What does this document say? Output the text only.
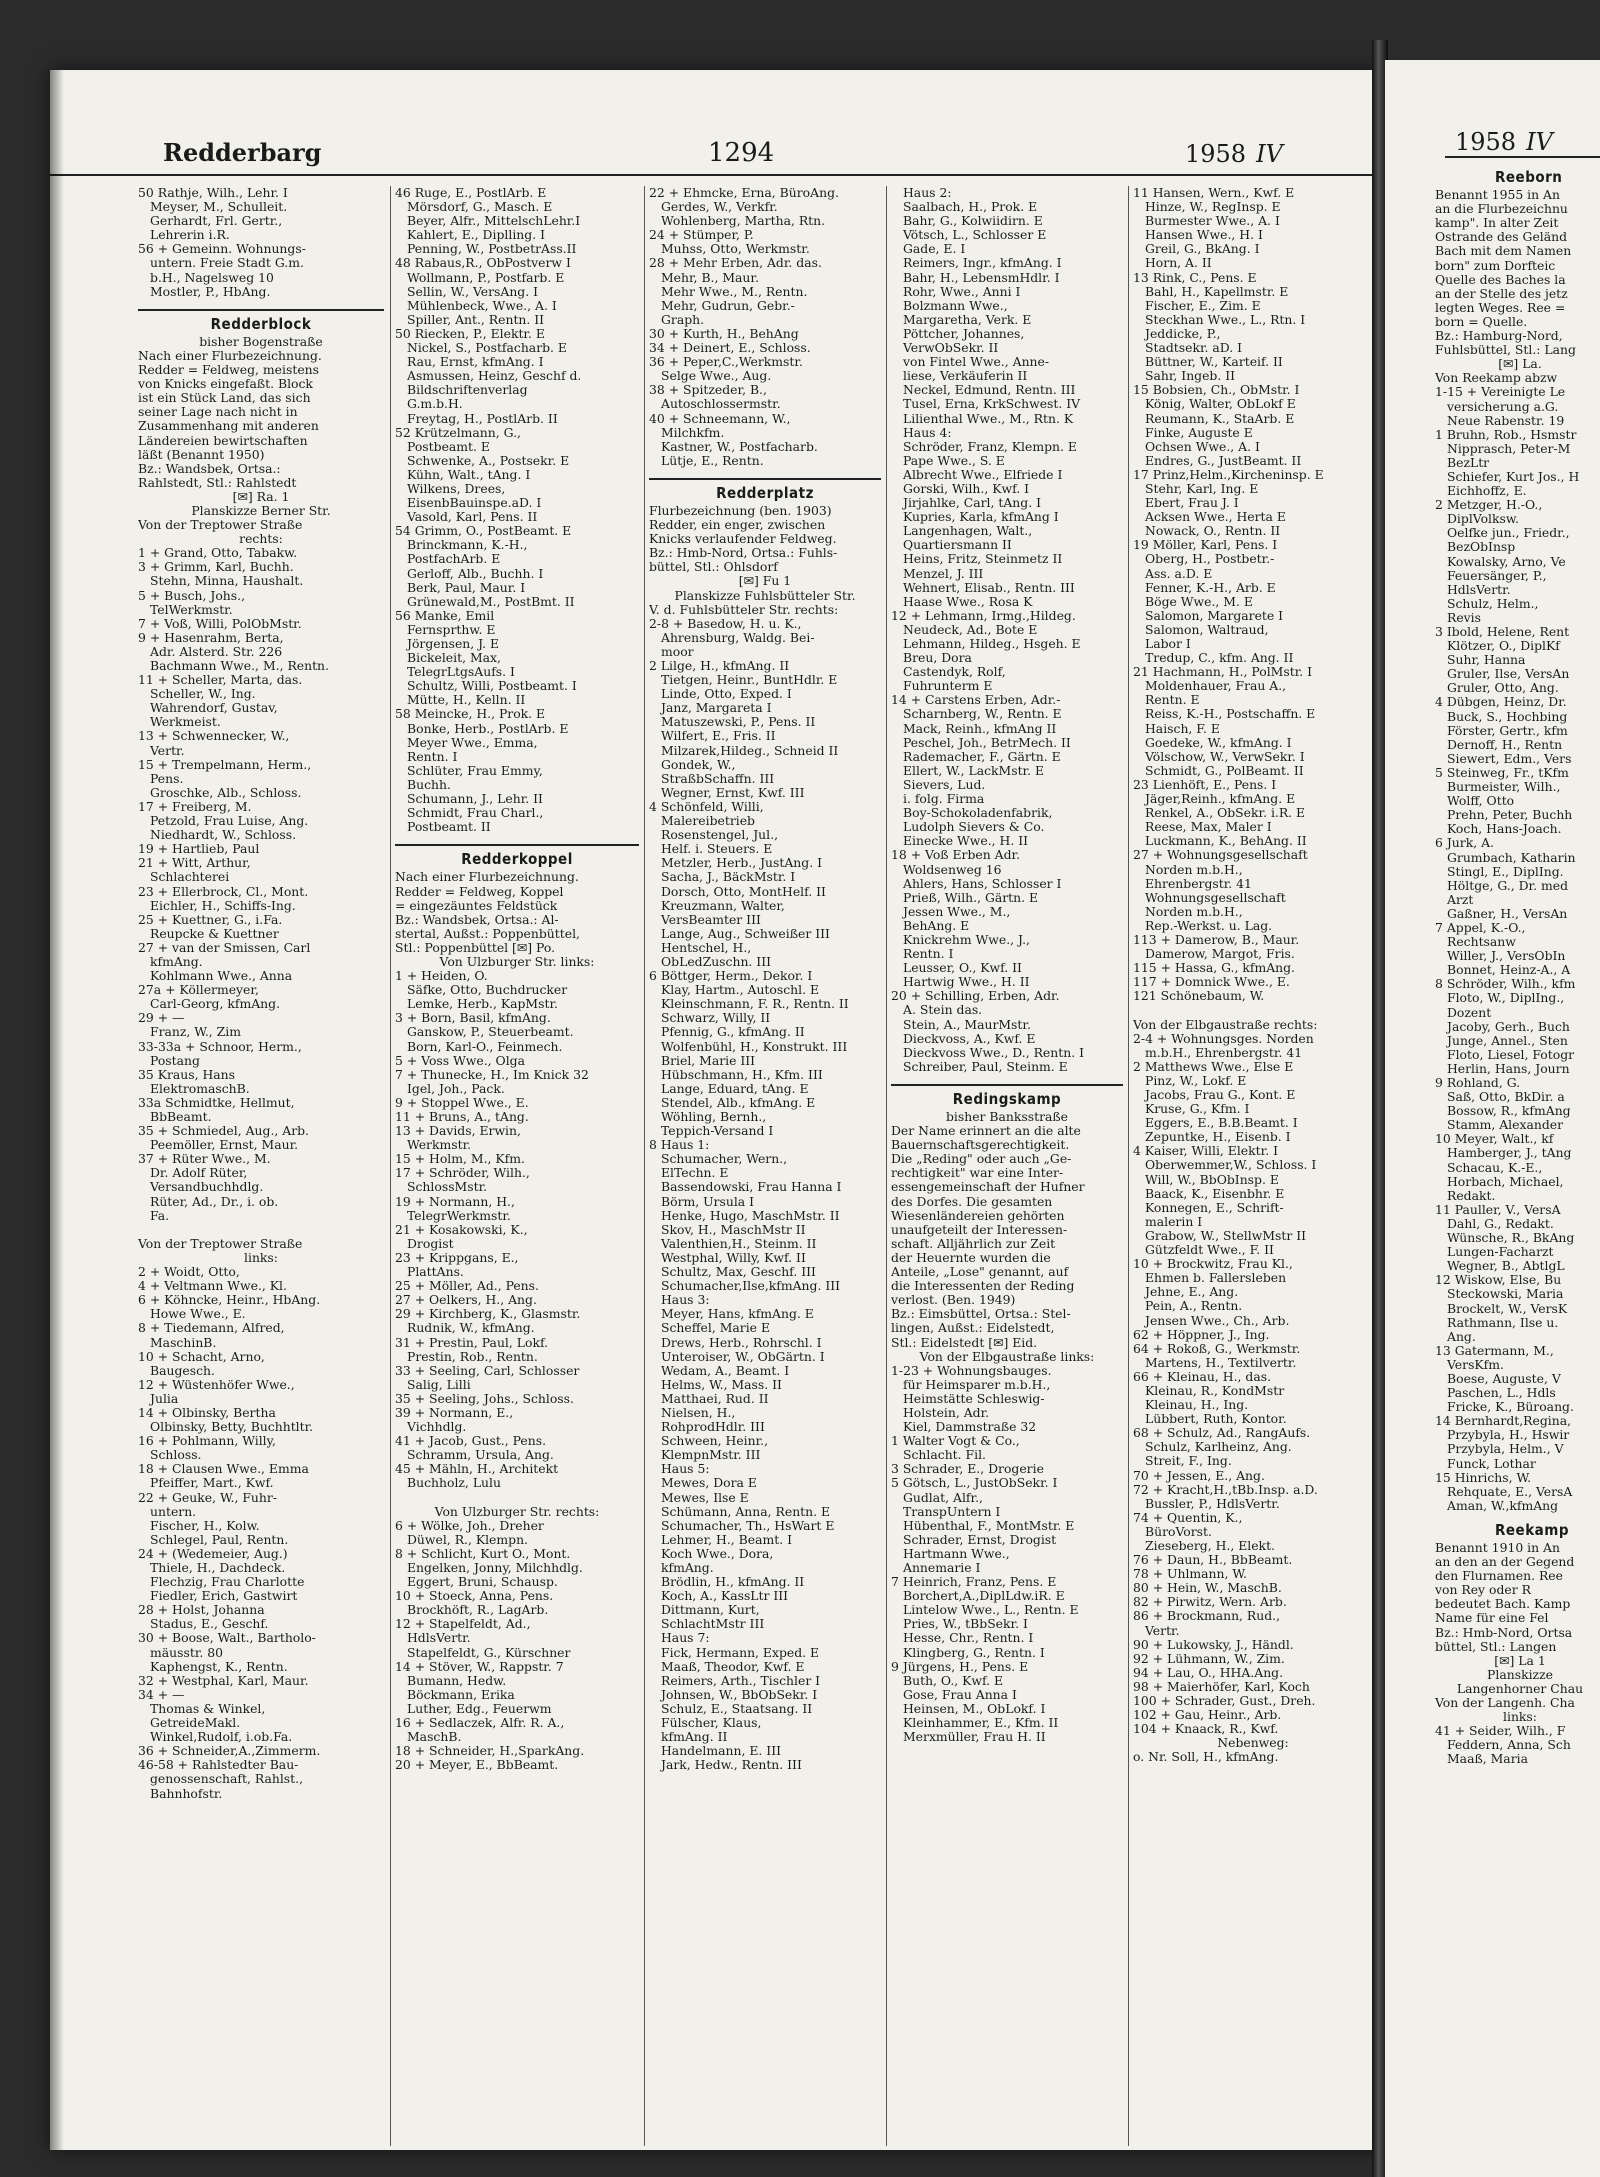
Redderbarg	1294	1958 IV
50 Rathje, Wilh., Lehr. I
Meyser, M., Schulleit.
Gerhardt, Frl. Gertr.,
Lehrerin i.R.
56 + Gemeinn. Wohnungs-
untern. Freie Stadt G.m.
b.H., Nagelsweg 10
Mostler, P., HbAng.
Redderblock
bisher Bogenstraße
Nach einer Flurbezeichnung.
Redder = Feldweg, meistens
von Knicks eingefaßt. Block
ist ein Stück Land, das sich
seiner Lage nach nicht in
Zusammenhang mit anderen
Ländereien bewirtschaften
läßt (Benannt 1950)
Bz.: Wandsbek, Ortsa.:
Rahlstedt, Stl.: Rahlstedt
[✉] Ra. 1
Planskizze Berner Str.
Von der Treptower Straße
rechts:
1 + Grand, Otto, Tabakw.
3 + Grimm, Karl, Buchh.
Stehn, Minna, Haushalt.
5 + Busch, Johs.,
TelWerkmstr.
7 + Voß, Willi, PolObMstr.
9 + Hasenrahm, Berta,
Adr. Alsterd. Str. 226
Bachmann Wwe., M., Rentn.
11 + Scheller, Marta, das.
Scheller, W., Ing.
Wahrendorf, Gustav,
Werkmeist.
13 + Schwennecker, W.,
Vertr.
15 + Trempelmann, Herm.,
Pens.
Groschke, Alb., Schloss.
17 + Freiberg, M.
Petzold, Frau Luise, Ang.
Niedhardt, W., Schloss.
19 + Hartlieb, Paul
21 + Witt, Arthur,
Schlachterei
23 + Ellerbrock, Cl., Mont.
Eichler, H., Schiffs-Ing.
25 + Kuettner, G., i.Fa.
Reupcke & Kuettner
27 + van der Smissen, Carl
kfmAng.
Kohlmann Wwe., Anna
27a + Köllermeyer,
Carl-Georg, kfmAng.
29 + —
Franz, W., Zim
33-33a + Schnoor, Herm.,
Postang
35 Kraus, Hans
ElektromaschB.
33a Schmidtke, Hellmut,
BbBeamt.
35 + Schmiedel, Aug., Arb.
Peemöller, Ernst, Maur.
37 + Rüter Wwe., M.
Dr. Adolf Rüter,
Versandbuchhdlg.
Rüter, Ad., Dr., i. ob.
Fa.

Von der Treptower Straße
links:
2 + Woidt, Otto,
4 + Veltmann Wwe., Kl.
6 + Köhncke, Heinr., HbAng.
Howe Wwe., E.
8 + Tiedemann, Alfred,
MaschinB.
10 + Schacht, Arno,
Baugesch.
12 + Wüstenhöfer Wwe.,
Julia
14 + Olbinsky, Bertha
Olbinsky, Betty, Buchhtltr.
16 + Pohlmann, Willy,
Schloss.
18 + Clausen Wwe., Emma
Pfeiffer, Mart., Kwf.
22 + Geuke, W., Fuhr-
untern.
Fischer, H., Kolw.
Schlegel, Paul, Rentn.
24 + (Wedemeier, Aug.)
Thiele, H., Dachdeck.
Flechzig, Frau Charlotte
Fiedler, Erich, Gastwirt
28 + Holst, Johanna
Stadus, E., Geschf.
30 + Boose, Walt., Bartholo-
mäusstr. 80
Kaphengst, K., Rentn.
32 + Westphal, Karl, Maur.
34 + —
Thomas & Winkel,
GetreideMakl.
Winkel,Rudolf, i.ob.Fa.
36 + Schneider,A.,Zimmerm.
46-58 + Rahlstedter Bau-
genossenschaft, Rahlst.,
Bahnhofstr.
46 Ruge, E., PostlArb. E
Mörsdorf, G., Masch. E
Beyer, Alfr., MittelschLehr.I
Kahlert, E., Diplling. I
Penning, W., PostbetrAss.II
48 Rabaus,R., ObPostverw I
Wollmann, P., Postfarb. E
Sellin, W., VersAng. I
Mühlenbeck, Wwe., A. I
Spiller, Ant., Rentn. II
50 Riecken, P., Elektr. E
Nickel, S., Postfacharb. E
Rau, Ernst, kfmAng. I
Asmussen, Heinz, Geschf d.
Bildschriftenverlag
G.m.b.H.
Freytag, H., PostlArb. II
52 Krützelmann, G.,
Postbeamt. E
Schwenke, A., Postsekr. E
Kühn, Walt., tAng. I
Wilkens, Drees,
EisenbBauinspe.aD. I
Vasold, Karl, Pens. II
54 Grimm, O., PostBeamt. E
Brinckmann, K.-H.,
PostfachArb. E
Gerloff, Alb., Buchh. I
Berk, Paul, Maur. I
Grünewald,M., PostBmt. II
56 Manke, Emil
Fernsprthw. E
Jörgensen, J. E
Bickeleit, Max,
TelegrLtgsAufs. I
Schultz, Willi, Postbeamt. I
Mütte, H., Kelln. II
58 Meincke, H., Prok. E
Bonke, Herb., PostlArb. E
Meyer Wwe., Emma,
Rentn. I
Schlüter, Frau Emmy,
Buchh.
Schumann, J., Lehr. II
Schmidt, Frau Charl.,
Postbeamt. II
Redderkoppel
Nach einer Flurbezeichnung.
Redder = Feldweg, Koppel
= eingezäuntes Feldstück
Bz.: Wandsbek, Ortsa.: Al-
stertal, Außst.: Poppenbüttel,
Stl.: Poppenbüttel [✉] Po.
Von Ulzburger Str. links:
1 + Heiden, O.
Säfke, Otto, Buchdrucker
Lemke, Herb., KapMstr.
3 + Born, Basil, kfmAng.
Ganskow, P., Steuerbeamt.
Born, Karl-O., Feinmech.
5 + Voss Wwe., Olga
7 + Thunecke, H., Im Knick 32
Igel, Joh., Pack.
9 + Stoppel Wwe., E.
11 + Bruns, A., tAng.
13 + Davids, Erwin,
Werkmstr.
15 + Holm, M., Kfm.
17 + Schröder, Wilh.,
SchlossMstr.
19 + Normann, H.,
TelegrWerkmstr.
21 + Kosakowski, K.,
Drogist
23 + Krippgans, E.,
PlattAns.
25 + Möller, Ad., Pens.
27 + Oelkers, H., Ang.
29 + Kirchberg, K., Glasmstr.
Rudnik, W., kfmAng.
31 + Prestin, Paul, Lokf.
Prestin, Rob., Rentn.
33 + Seeling, Carl, Schlosser
Salig, Lilli
35 + Seeling, Johs., Schloss.
39 + Normann, E.,
Vichhdlg.
41 + Jacob, Gust., Pens.
Schramm, Ursula, Ang.
45 + Mähln, H., Architekt
Buchholz, Lulu

Von Ulzburger Str. rechts:
6 + Wölke, Joh., Dreher
Düwel, R., Klempn.
8 + Schlicht, Kurt O., Mont.
Engelken, Jonny, Milchhdlg.
Eggert, Bruni, Schausp.
10 + Stoeck, Anna, Pens.
Brockhöft, R., LagArb.
12 + Stapelfeldt, Ad.,
HdlsVertr.
Stapelfeldt, G., Kürschner
14 + Stöver, W., Rappstr. 7
Bumann, Hedw.
Böckmann, Erika
Luther, Edg., Feuerwm
16 + Sedlaczek, Alfr. R. A.,
MaschB.
18 + Schneider, H.,SparkAng.
20 + Meyer, E., BbBeamt.
22 + Ehmcke, Erna, BüroAng.
Gerdes, W., Verkfr.
Wohlenberg, Martha, Rtn.
24 + Stümper, P.
Muhss, Otto, Werkmstr.
28 + Mehr Erben, Adr. das.
Mehr, B., Maur.
Mehr Wwe., M., Rentn.
Mehr, Gudrun, Gebr.-
Graph.
30 + Kurth, H., BehAng
34 + Deinert, E., Schloss.
36 + Peper,C.,Werkmstr.
Selge Wwe., Aug.
38 + Spitzeder, B.,
Autoschlossermstr.
40 + Schneemann, W.,
Milchkfm.
Kastner, W., Postfacharb.
Lütje, E., Rentn.
Redderplatz
Flurbezeichnung (ben. 1903)
Redder, ein enger, zwischen
Knicks verlaufender Feldweg.
Bz.: Hmb-Nord, Ortsa.: Fuhls-
büttel, Stl.: Ohlsdorf
[✉] Fu 1
Planskizze Fuhlsbütteler Str.
V. d. Fuhlsbütteler Str. rechts:
2-8 + Basedow, H. u. K.,
Ahrensburg, Waldg. Bei-
moor
2 Lilge, H., kfmAng. II
Tietgen, Heinr., BuntHdlr. E
Linde, Otto, Exped. I
Janz, Margareta I
Matuszewski, P., Pens. II
Wilfert, E., Fris. II
Milzarek,Hildeg., Schneid II
Gondek, W.,
StraßbSchaffn. III
Wegner, Ernst, Kwf. III
4 Schönfeld, Willi,
Malereibetrieb
Rosenstengel, Jul.,
Helf. i. Steuers. E
Metzler, Herb., JustAng. I
Sacha, J., BäckMstr. I
Dorsch, Otto, MontHelf. II
Kreuzmann, Walter,
VersBeamter III
Lange, Aug., Schweißer III
Hentschel, H.,
ObLedZuschn. III
6 Böttger, Herm., Dekor. I
Klay, Hartm., Autoschl. E
Kleinschmann, F. R., Rentn. II
Schwarz, Willy, II
Pfennig, G., kfmAng. II
Wolfenbühl, H., Konstrukt. III
Briel, Marie III
Hübschmann, H., Kfm. III
Lange, Eduard, tAng. E
Stendel, Alb., kfmAng. E
Wöhling, Bernh.,
Teppich-Versand I
8 Haus 1:
Schumacher, Wern.,
ElTechn. E
Bassendowski, Frau Hanna I
Börm, Ursula I
Henke, Hugo, MaschMstr. II
Skov, H., MaschMstr II
Valenthien,H., Steinm. II
Westphal, Willy, Kwf. II
Schultz, Max, Geschf. III
Schumacher,Ilse,kfmAng. III
Haus 3:
Meyer, Hans, kfmAng. E
Scheffel, Marie E
Drews, Herb., Rohrschl. I
Unteroiser, W., ObGärtn. I
Wedam, A., Beamt. I
Helms, W., Mass. II
Matthaei, Rud. II
Nielsen, H.,
RohprodHdlr. III
Schween, Heinr.,
KlempnMstr. III
Haus 5:
Mewes, Dora E
Mewes, Ilse E
Schümann, Anna, Rentn. E
Schumacher, Th., HsWart E
Lehmer, H., Beamt. I
Koch Wwe., Dora,
kfmAng.
Brödlin, H., kfmAng. II
Koch, A., KassLtr III
Dittmann, Kurt,
SchlachtMstr III
Haus 7:
Fick, Hermann, Exped. E
Maaß, Theodor, Kwf. E
Reimers, Arth., Tischler I
Johnsen, W., BbObSekr. I
Schulz, E., Staatsang. II
Fülscher, Klaus,
kfmAng. II
Handelmann, E. III
Jark, Hedw., Rentn. III
Haus 2:
Saalbach, H., Prok. E
Bahr, G., Kolwiidirn. E
Vötsch, L., Schlosser E
Gade, E. I
Reimers, Ingr., kfmAng. I
Bahr, H., LebensmHdlr. I
Rohr, Wwe., Anni I
Bolzmann Wwe.,
Margaretha, Verk. E
Pöttcher, Johannes,
VerwObSekr. II
von Fintel Wwe., Anne-
liese, Verkäuferin II
Neckel, Edmund, Rentn. III
Tusel, Erna, KrkSchwest. IV
Lilienthal Wwe., M., Rtn. K
Haus 4:
Schröder, Franz, Klempn. E
Pape Wwe., S. E
Albrecht Wwe., Elfriede I
Gorski, Wilh., Kwf. I
Jirjahlke, Carl, tAng. I
Kupries, Karla, kfmAng I
Langenhagen, Walt.,
Quartiersmann II
Heins, Fritz, Steinmetz II
Menzel, J. III
Wehnert, Elisab., Rentn. III
Haase Wwe., Rosa K
12 + Lehmann, Irmg.,Hildeg.
Neudeck, Ad., Bote E
Lehmann, Hildeg., Hsgeh. E
Breu, Dora
Castendyk, Rolf,
Fuhrunterm E
14 + Carstens Erben, Adr.-
Scharnberg, W., Rentn. E
Mack, Reinh., kfmAng II
Peschel, Joh., BetrMech. II
Rademacher, F., Gärtn. E
Ellert, W., LackMstr. E
Sievers, Lud.
i. folg. Firma
Boy-Schokoladenfabrik,
Ludolph Sievers & Co.
Einecke Wwe., H. II
18 + Voß Erben Adr.
Woldsenweg 16
Ahlers, Hans, Schlosser I
Prieß, Wilh., Gärtn. E
Jessen Wwe., M.,
BehAng. E
Knickrehm Wwe., J.,
Rentn. I
Leusser, O., Kwf. II
Hartwig Wwe., H. II
20 + Schilling, Erben, Adr.
A. Stein das.
Stein, A., MaurMstr.
Dieckvoss, A., Kwf. E
Dieckvoss Wwe., D., Rentn. I
Schreiber, Paul, Steinm. E
Redingskamp
bisher Banksstraße
Der Name erinnert an die alte
Bauernschaftsgerechtigkeit.
Die „Reding" oder auch „Ge-
rechtigkeit" war eine Inter-
essengemeinschaft der Hufner
des Dorfes. Die gesamten
Wiesenländereien gehörten
unaufgeteilt der Interessen-
schaft. Alljährlich zur Zeit
der Heuernte wurden die
Anteile, „Lose" genannt, auf
die Interessenten der Reding
verlost. (Ben. 1949)
Bz.: Eimsbüttel, Ortsa.: Stel-
lingen, Außst.: Eidelstedt,
Stl.: Eidelstedt [✉] Eid.
Von der Elbgaustraße links:
1-23 + Wohnungsbauges.
für Heimsparer m.b.H.,
Heimstätte Schleswig-
Holstein, Adr.
Kiel, Dammstraße 32
1 Walter Vogt & Co.,
Schlacht. Fil.
3 Schrader, E., Drogerie
5 Götsch, L., JustObSekr. I
Gudlat, Alfr.,
TranspUntern I
Hübenthal, F., MontMstr. E
Schrader, Ernst, Drogist
Hartmann Wwe.,
Annemarie I
7 Heinrich, Franz, Pens. E
Borchert,A.,DiplLdw.iR. E
Lintelow Wwe., L., Rentn. E
Pries, W., tBbSekr. I
Hesse, Chr., Rentn. I
Klingberg, G., Rentn. I
9 Jürgens, H., Pens. E
Buth, O., Kwf. E
Gose, Frau Anna I
Heinsen, M., ObLokf. I
Kleinhammer, E., Kfm. II
Merxmüller, Frau H. II
11 Hansen, Wern., Kwf. E
Hinze, W., RegInsp. E
Burmester Wwe., A. I
Hansen Wwe., H. I
Greil, G., BkAng. I
Horn, A. II
13 Rink, C., Pens. E
Bahl, H., Kapellmstr. E
Fischer, E., Zim. E
Steckhan Wwe., L., Rtn. I
Jeddicke, P.,
Stadtsekr. aD. I
Büttner, W., Karteif. II
Sahr, Ingeb. II
15 Bobsien, Ch., ObMstr. I
König, Walter, ObLokf E
Reumann, K., StaArb. E
Finke, Auguste E
Ochsen Wwe., A. I
Endres, G., JustBeamt. II
17 Prinz,Helm.,Kircheninsp. E
Stehr, Karl, Ing. E
Ebert, Frau J. I
Acksen Wwe., Herta E
Nowack, O., Rentn. II
19 Möller, Karl, Pens. I
Oberg, H., Postbetr.-
Ass. a.D. E
Fenner, K.-H., Arb. E
Böge Wwe., M. E
Salomon, Margarete I
Salomon, Waltraud,
Labor I
Tredup, C., kfm. Ang. II
21 Hachmann, H., PolMstr. I
Moldenhauer, Frau A.,
Rentn. E
Reiss, K.-H., Postschaffn. E
Haisch, F. E
Goedeke, W., kfmAng. I
Völschow, W., VerwSekr. I
Schmidt, G., PolBeamt. II
23 Lienhöft, E., Pens. I
Jäger,Reinh., kfmAng. E
Renkel, A., ObSekr. i.R. E
Reese, Max, Maler I
Luckmann, K., BehAng. II
27 + Wohnungsgesellschaft
Norden m.b.H.,
Ehrenbergstr. 41
Wohnungsgesellschaft
Norden m.b.H.,
Rep.-Werkst. u. Lag.
113 + Damerow, B., Maur.
Damerow, Margot, Fris.
115 + Hassa, G., kfmAng.
117 + Domnick Wwe., E.
121 Schönebaum, W.

Von der Elbgaustraße rechts:
2-4 + Wohnungsges. Norden
m.b.H., Ehrenbergstr. 41
2 Matthews Wwe., Else E
Pinz, W., Lokf. E
Jacobs, Frau G., Kont. E
Kruse, G., Kfm. I
Eggers, E., B.B.Beamt. I
Zepuntke, H., Eisenb. I
4 Kaiser, Willi, Elektr. I
Oberwemmer,W., Schloss. I
Will, W., BbObInsp. E
Baack, K., Eisenbhr. E
Konnegen, E., Schrift-
malerin I
Grabow, W., StellwMstr II
Gützfeldt Wwe., F. II
10 + Brockwitz, Frau Kl.,
Ehmen b. Fallersleben
Jehne, E., Ang.
Pein, A., Rentn.
Jensen Wwe., Ch., Arb.
62 + Höppner, J., Ing.
64 + Rokoß, G., Werkmstr.
Martens, H., Textilvertr.
66 + Kleinau, H., das.
Kleinau, R., KondMstr
Kleinau, H., Ing.
Lübbert, Ruth, Kontor.
68 + Schulz, Ad., RangAufs.
Schulz, Karlheinz, Ang.
Streit, F., Ing.
70 + Jessen, E., Ang.
72 + Kracht,H.,tBb.Insp. a.D.
Bussler, P., HdlsVertr.
74 + Quentin, K.,
BüroVorst.
Zieseberg, H., Elekt.
76 + Daun, H., BbBeamt.
78 + Uhlmann, W.
80 + Hein, W., MaschB.
82 + Pirwitz, Wern. Arb.
86 + Brockmann, Rud.,
Vertr.
90 + Lukowsky, J., Händl.
92 + Lühmann, W., Zim.
94 + Lau, O., HHA.Ang.
98 + Maierhöfer, Karl, Koch
100 + Schrader, Gust., Dreh.
102 + Gau, Heinr., Arb.
104 + Knaack, R., Kwf.
Nebenweg:
o. Nr. Soll, H., kfmAng.
1958 IV
Reeborn
Benannt 1955 in An
an die Flurbezeichnu
kamp". In alter Zeit
Ostrande des Geländ
Bach mit dem Namen
born" zum Dorfteic
Quelle des Baches la
an der Stelle des jetz
legten Weges. Ree =
born = Quelle.
Bz.: Hamburg-Nord,
Fuhlsbüttel, Stl.: Lang
[✉] La.
Von Reekamp abzw
1-15 + Vereinigte Le
versicherung a.G.
Neue Rabenstr. 19
1 Bruhn, Rob., Hsmstr
Nipprasch, Peter-M
BezLtr
Schiefer, Kurt Jos., H
Eichhoffz, E.
2 Metzger, H.-O.,
DiplVolksw.
Oelfke jun., Friedr.,
BezObInsp
Kowalsky, Arno, Ve
Feuersänger, P.,
HdlsVertr.
Schulz, Helm.,
Revis
3 Ibold, Helene, Rent
Klötzer, O., DiplKf
Suhr, Hanna
Gruler, Ilse, VersAn
Gruler, Otto, Ang.
4 Dübgen, Heinz, Dr.
Buck, S., Hochbing
Förster, Gertr., kfm
Dernoff, H., Rentn
Siewert, Edm., Vers
5 Steinweg, Fr., tKfm
Burmeister, Wilh.,
Wolff, Otto
Prehn, Peter, Buchh
Koch, Hans-Joach.
6 Jurk, A.
Grumbach, Katharin
Stingl, E., DiplIng.
Höltge, G., Dr. med
Arzt
Gaßner, H., VersAn
7 Appel, K.-O.,
Rechtsanw
Willer, J., VersObIn
Bonnet, Heinz-A., A
8 Schröder, Wilh., kfm
Floto, W., DiplIng.,
Dozent
Jacoby, Gerh., Buch
Junge, Annel., Sten
Floto, Liesel, Fotogr
Herlin, Hans, Journ
9 Rohland, G.
Saß, Otto, BkDir. a
Bossow, R., kfmAng
Stamm, Alexander
10 Meyer, Walt., kf
Hamberger, J., tAng
Schacau, K.-E.,
Horbach, Michael,
Redakt.
11 Pauller, V., VersA
Dahl, G., Redakt.
Wünsche, R., BkAng
Lungen-Facharzt
Wegner, B., AbtlgL
12 Wiskow, Else, Bu
Steckowski, Maria
Brockelt, W., VersK
Rathmann, Ilse u.
Ang.
13 Gatermann, M.,
VersKfm.
Boese, Auguste, V
Paschen, L., Hdls
Fricke, K., Büroang.
14 Bernhardt,Regina,
Przybyla, H., Hswir
Przybyla, Helm., V
Funck, Lothar
15 Hinrichs, W.
Rehquate, E., VersA
Aman, W.,kfmAng
Reekamp
Benannt 1910 in An
an den an der Gegend
den Flurnamen. Ree
von Rey oder R
bedeutet Bach. Kamp
Name für eine Fel
Bz.: Hmb-Nord, Ortsa
büttel, Stl.: Langen
[✉] La 1
Planskizze
Langenhorner Chau
Von der Langenh. Cha
links:
41 + Seider, Wilh., F
Feddern, Anna, Sch
Maaß, Maria
